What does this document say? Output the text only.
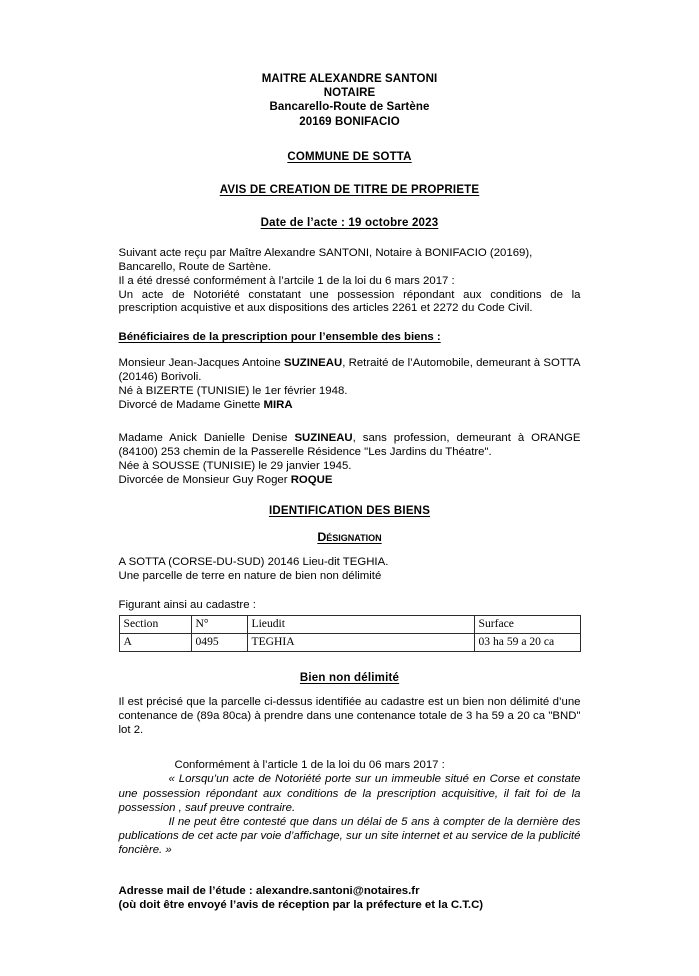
MAITRE ALEXANDRE SANTONI
NOTAIRE
Bancarello-Route de Sartène
20169 BONIFACIO
COMMUNE DE SOTTA
AVIS DE CREATION DE TITRE DE PROPRIETE
Date de l’acte : 19 octobre 2023
Suivant acte reçu par Maître Alexandre SANTONI, Notaire à BONIFACIO (20169),
Bancarello, Route de Sartène.
Il a été dressé conformément à l’artcile 1 de la loi du 6 mars 2017 :
Un acte de Notoriété constatant une possession répondant aux conditions de la prescription acquistive et aux dispositions des articles 2261 et 2272 du Code Civil.
Bénéficiaires de la prescription pour l’ensemble des biens :
Monsieur Jean-Jacques Antoine SUZINEAU, Retraité de l’Automobile, demeurant à SOTTA (20146) Borivoli.
Né à BIZERTE (TUNISIE) le 1er février 1948.
Divorcé de Madame Ginette MIRA
Madame Anick Danielle Denise SUZINEAU, sans profession, demeurant à ORANGE (84100) 253 chemin de la Passerelle Résidence "Les Jardins du Théatre".
Née à SOUSSE (TUNISIE) le 29 janvier 1945.
Divorcée de Monsieur Guy Roger ROQUE
IDENTIFICATION DES BIENS
Désignation
A SOTTA (CORSE-DU-SUD) 20146 Lieu-dit TEGHIA.
Une parcelle de terre en nature de bien non délimité
Figurant ainsi au cadastre :
Section	N°	Lieudit	Surface
A	0495	TEGHIA	03 ha 59 a 20 ca
Bien non délimité
Il est précisé que la parcelle ci-dessus identifiée au cadastre est un bien non délimité d’une contenance de (89a 80ca) à prendre dans une contenance totale de 3 ha 59 a 20 ca "BND" lot 2.
Conformément à l’article 1 de la loi du 06 mars 2017 :
« Lorsqu’un acte de Notoriété porte sur un immeuble situé en Corse et constate une possession répondant aux conditions de la prescription acquisitive, il fait foi de la possession , sauf preuve contraire.
Il ne peut être contesté que dans un délai de 5 ans à compter de la dernière des publications de cet acte par voie d’affichage, sur un site internet et au service de la publicité foncière. »
Adresse mail de l’étude : alexandre.santoni@notaires.fr
(où doit être envoyé l’avis de réception par la préfecture et la C.T.C)
